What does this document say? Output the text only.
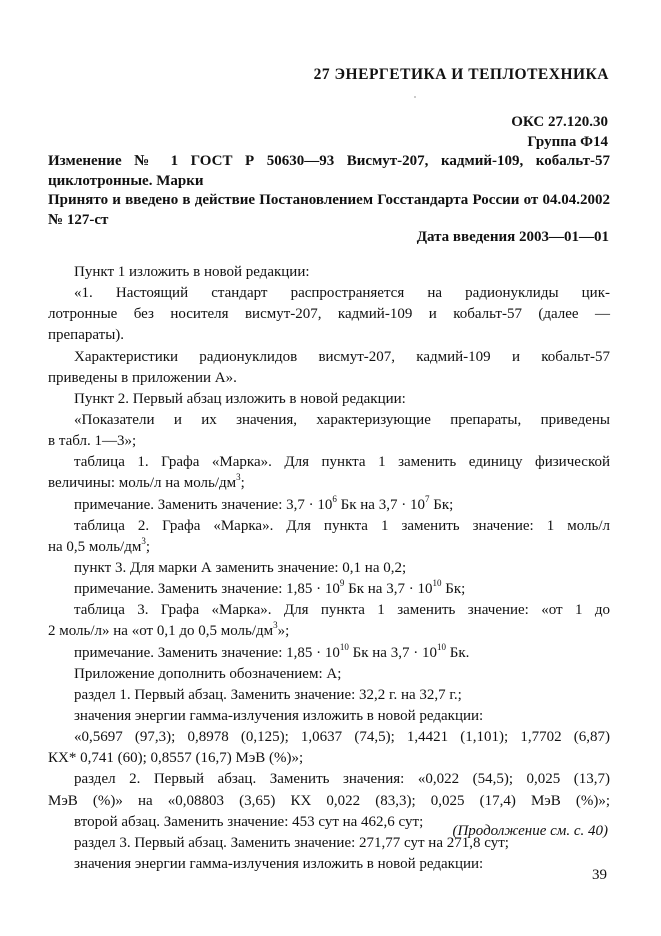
27 ЭНЕРГЕТИКА И ТЕПЛОТЕХНИКА
ОКС 27.120.30
Группа Ф14
Изменение № 1 ГОСТ Р 50630—93 Висмут-207, кадмий-109, кобальт-57 циклотронные. Марки
Принято и введено в действие Постановлением Госстандарта России от 04.04.2002 № 127-ст
Дата введения 2003—01—01
Пункт 1 изложить в новой редакции:
«1. Настоящий стандарт распространяется на радионуклиды цик-
лотронные без носителя висмут-207, кадмий-109 и кобальт-57 (далее —
препараты).
Характеристики радионуклидов висмут-207, кадмий-109 и кобальт-57
приведены в приложении А».
Пункт 2. Первый абзац изложить в новой редакции:
«Показатели и их значения, характеризующие препараты, приведены
в табл. 1—3»;
таблица 1. Графа «Марка». Для пункта 1 заменить единицу физической
величины: моль/л на моль/$дм^3$;
примечание. Заменить значение: $3,7 \cdot 10^6$ Бк на $3,7 \cdot 10^7$ Бк;
таблица 2. Графа «Марка». Для пункта 1 заменить значение: 1 моль/л
на 0,5 моль/$дм^3$;
пункт 3. Для марки А заменить значение: 0,1 на 0,2;
примечание. Заменить значение: $1,85 \cdot 10^9$ Бк на $3,7 \cdot 10^{10}$ Бк;
таблица 3. Графа «Марка». Для пункта 1 заменить значение: «от 1 до
2 моль/л» на «от 0,1 до 0,5 моль/$дм^3$»;
примечание. Заменить значение: $1,85 \cdot 10^{10}$ Бк на $3,7 \cdot 10^{10}$ Бк.
Приложение дополнить обозначением: А;
раздел 1. Первый абзац. Заменить значение: 32,2 г. на 32,7 г.;
значения энергии гамма-излучения изложить в новой редакции:
«0,5697 (97,3); 0,8978 (0,125); 1,0637 (74,5); 1,4421 (1,101); 1,7702 (6,87)
КХ* 0,741 (60); 0,8557 (16,7) МэВ (%)»;
раздел 2. Первый абзац. Заменить значения: «0,022 (54,5); 0,025 (13,7)
МэВ (%)» на «0,08803 (3,65) КХ 0,022 (83,3); 0,025 (17,4) МэВ (%)»;
второй абзац. Заменить значение: 453 сут на 462,6 сут;
раздел 3. Первый абзац. Заменить значение: 271,77 сут на 271,8 сут;
значения энергии гамма-излучения изложить в новой редакции:
(Продолжение см. с. 40)
39
